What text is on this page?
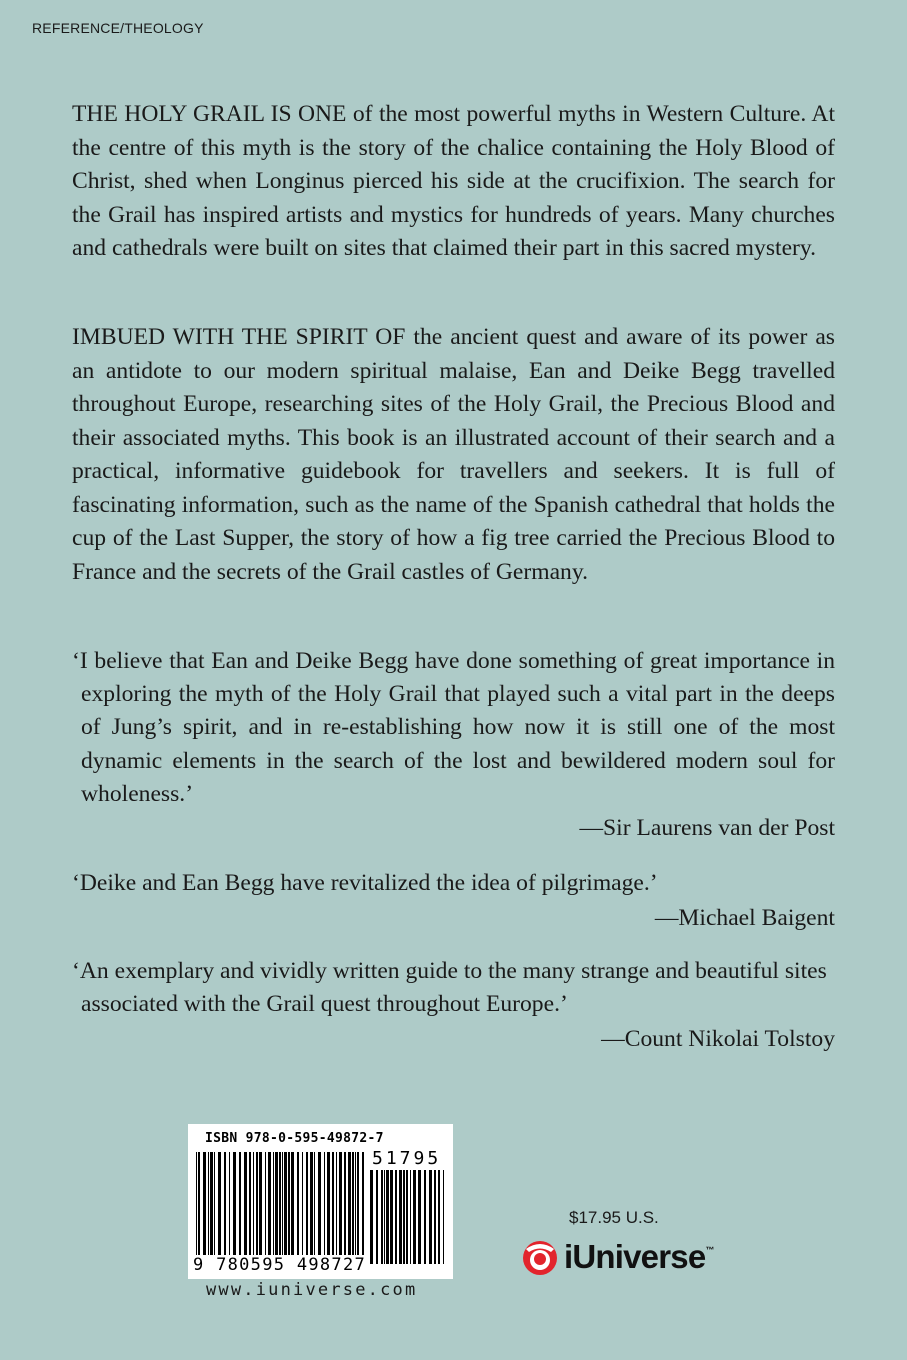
REFERENCE/THEOLOGY

THE HOLY GRAIL IS ONE of the most powerful myths in Western Culture. At the centre of this myth is the story of the chalice containing the Holy Blood of Christ, shed when Longinus pierced his side at the crucifixion. The search for the Grail has inspired artists and mystics for hundreds of years. Many churches and cathedrals were built on sites that claimed their part in this sacred mystery.

IMBUED WITH THE SPIRIT OF the ancient quest and aware of its power as an antidote to our modern spiritual malaise, Ean and Deike Begg travelled throughout Europe, researching sites of the Holy Grail, the Precious Blood and their associated myths. This book is an illustrated account of their search and a practical, informative guidebook for travellers and seekers. It is full of fascinating information, such as the name of the Spanish cathedral that holds the cup of the Last Supper, the story of how a fig tree carried the Precious Blood to France and the secrets of the Grail castles of Germany.

‘I believe that Ean and Deike Begg have done something of great importance in exploring the myth of the Holy Grail that played such a vital part in the deeps of Jung’s spirit, and in re-establishing how now it is still one of the most dynamic elements in the search of the lost and bewildered modern soul for wholeness.’

—Sir Laurens van der Post

‘Deike and Ean Begg have revitalized the idea of pilgrimage.’

—Michael Baigent

‘An exemplary and vividly written guide to the many strange and beautiful sites associated with the Grail quest throughout Europe.’

—Count Nikolai Tolstoy

ISBN 978-0-595-49872-7
51795
9 780595 498727
www.iuniverse.com
$17.95 U.S.
iUniverse ™
